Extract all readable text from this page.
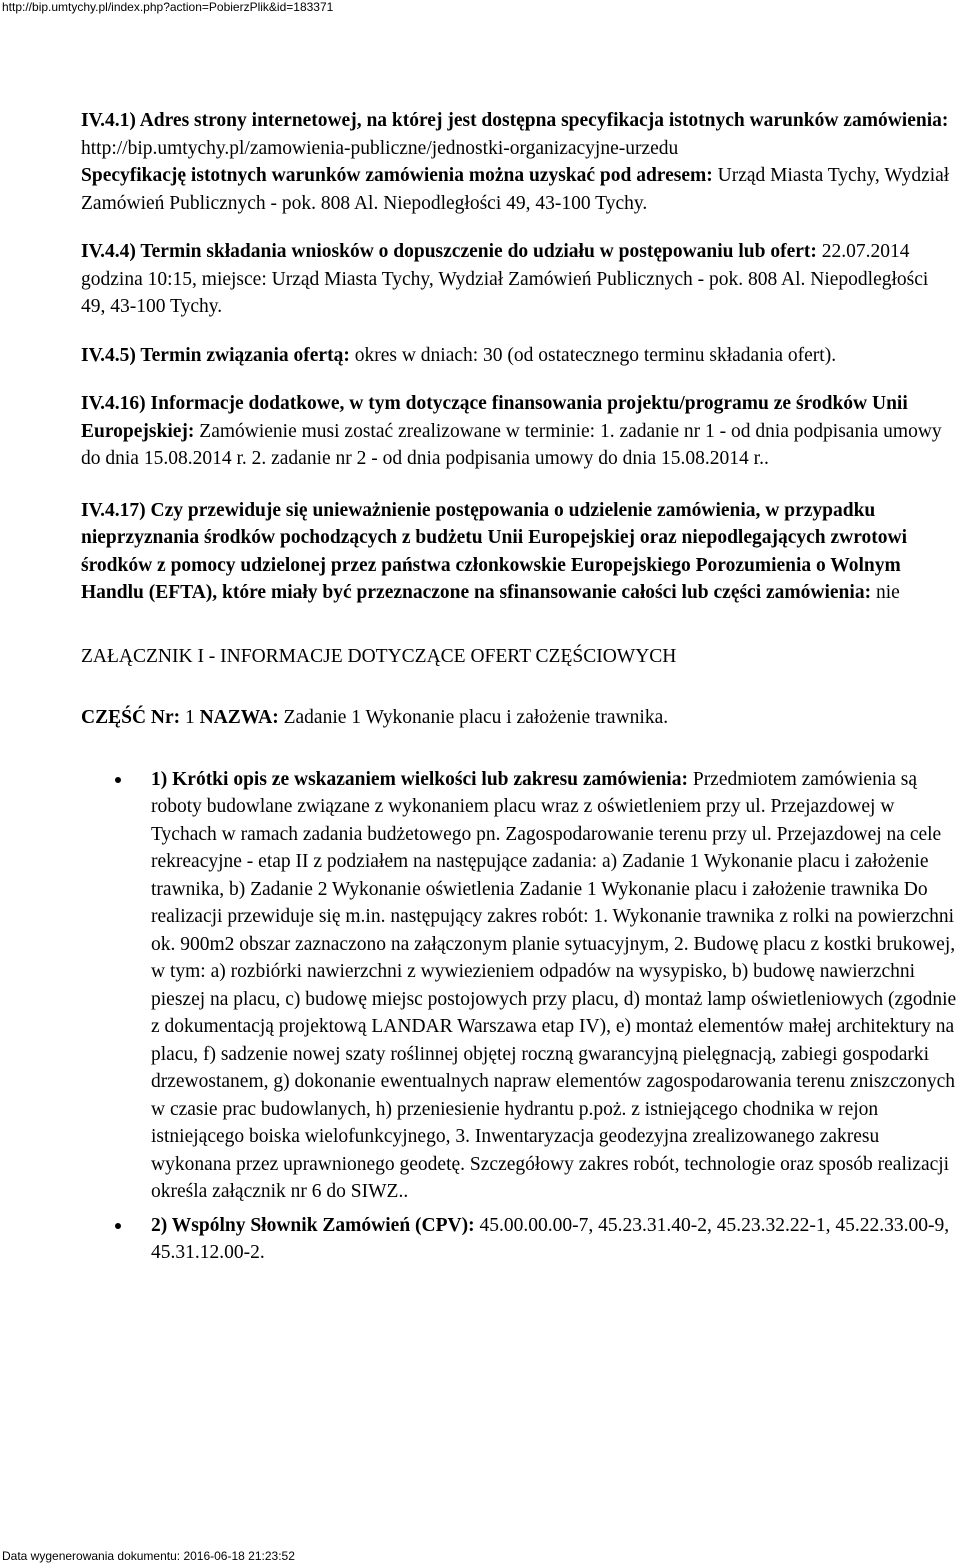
http://bip.umtychy.pl/index.php?action=PobierzPlik&id=183371
IV.4.1) Adres strony internetowej, na której jest dostępna specyfikacja istotnych warunków zamówienia: http://bip.umtychy.pl/zamowienia-publiczne/jednostki-organizacyjne-urzedu
Specyfikację istotnych warunków zamówienia można uzyskać pod adresem: Urząd Miasta Tychy, Wydział Zamówień Publicznych - pok. 808 Al. Niepodległości 49, 43-100 Tychy.
IV.4.4) Termin składania wniosków o dopuszczenie do udziału w postępowaniu lub ofert: 22.07.2014 godzina 10:15, miejsce: Urząd Miasta Tychy, Wydział Zamówień Publicznych - pok. 808 Al. Niepodległości 49, 43-100 Tychy.
IV.4.5) Termin związania ofertą: okres w dniach: 30 (od ostatecznego terminu składania ofert).
IV.4.16) Informacje dodatkowe, w tym dotyczące finansowania projektu/programu ze środków Unii Europejskiej: Zamówienie musi zostać zrealizowane w terminie: 1. zadanie nr 1 - od dnia podpisania umowy do dnia 15.08.2014 r. 2. zadanie nr 2 - od dnia podpisania umowy do dnia 15.08.2014 r..
IV.4.17) Czy przewiduje się unieważnienie postępowania o udzielenie zamówienia, w przypadku nieprzyznania środków pochodzących z budżetu Unii Europejskiej oraz niepodlegających zwrotowi środków z pomocy udzielonej przez państwa członkowskie Europejskiego Porozumienia o Wolnym Handlu (EFTA), które miały być przeznaczone na sfinansowanie całości lub części zamówienia: nie
ZAŁĄCZNIK I - INFORMACJE DOTYCZĄCE OFERT CZĘŚCIOWYCH
CZĘŚĆ Nr: 1 NAZWA: Zadanie 1 Wykonanie placu i założenie trawnika.
1) Krótki opis ze wskazaniem wielkości lub zakresu zamówienia: Przedmiotem zamówienia są roboty budowlane związane z wykonaniem placu wraz z oświetleniem przy ul. Przejazdowej w Tychach w ramach zadania budżetowego pn. Zagospodarowanie terenu przy ul. Przejazdowej na cele rekreacyjne - etap II z podziałem na następujące zadania: a) Zadanie 1 Wykonanie placu i założenie trawnika, b) Zadanie 2 Wykonanie oświetlenia Zadanie 1 Wykonanie placu i założenie trawnika Do realizacji przewiduje się m.in. następujący zakres robót: 1. Wykonanie trawnika z rolki na powierzchni ok. 900m2 obszar zaznaczono na załączonym planie sytuacyjnym, 2. Budowę placu z kostki brukowej, w tym: a) rozbiórki nawierzchni z wywiezieniem odpadów na wysypisko, b) budowę nawierzchni pieszej na placu, c) budowę miejsc postojowych przy placu, d) montaż lamp oświetleniowych (zgodnie z dokumentacją projektową LANDAR Warszawa etap IV), e) montaż elementów małej architektury na placu, f) sadzenie nowej szaty roślinnej objętej roczną gwarancyjną pielęgnacją, zabiegi gospodarki drzewostanem, g) dokonanie ewentualnych napraw elementów zagospodarowania terenu zniszczonych w czasie prac budowlanych, h) przeniesienie hydrantu p.poż. z istniejącego chodnika w rejon istniejącego boiska wielofunkcyjnego, 3. Inwentaryzacja geodezyjna zrealizowanego zakresu wykonana przez uprawnionego geodetę. Szczegółowy zakres robót, technologie oraz sposób realizacji określa załącznik nr 6 do SIWZ..
2) Wspólny Słownik Zamówień (CPV): 45.00.00.00-7, 45.23.31.40-2, 45.23.32.22-1, 45.22.33.00-9, 45.31.12.00-2.
Data wygenerowania dokumentu: 2016-06-18 21:23:52
